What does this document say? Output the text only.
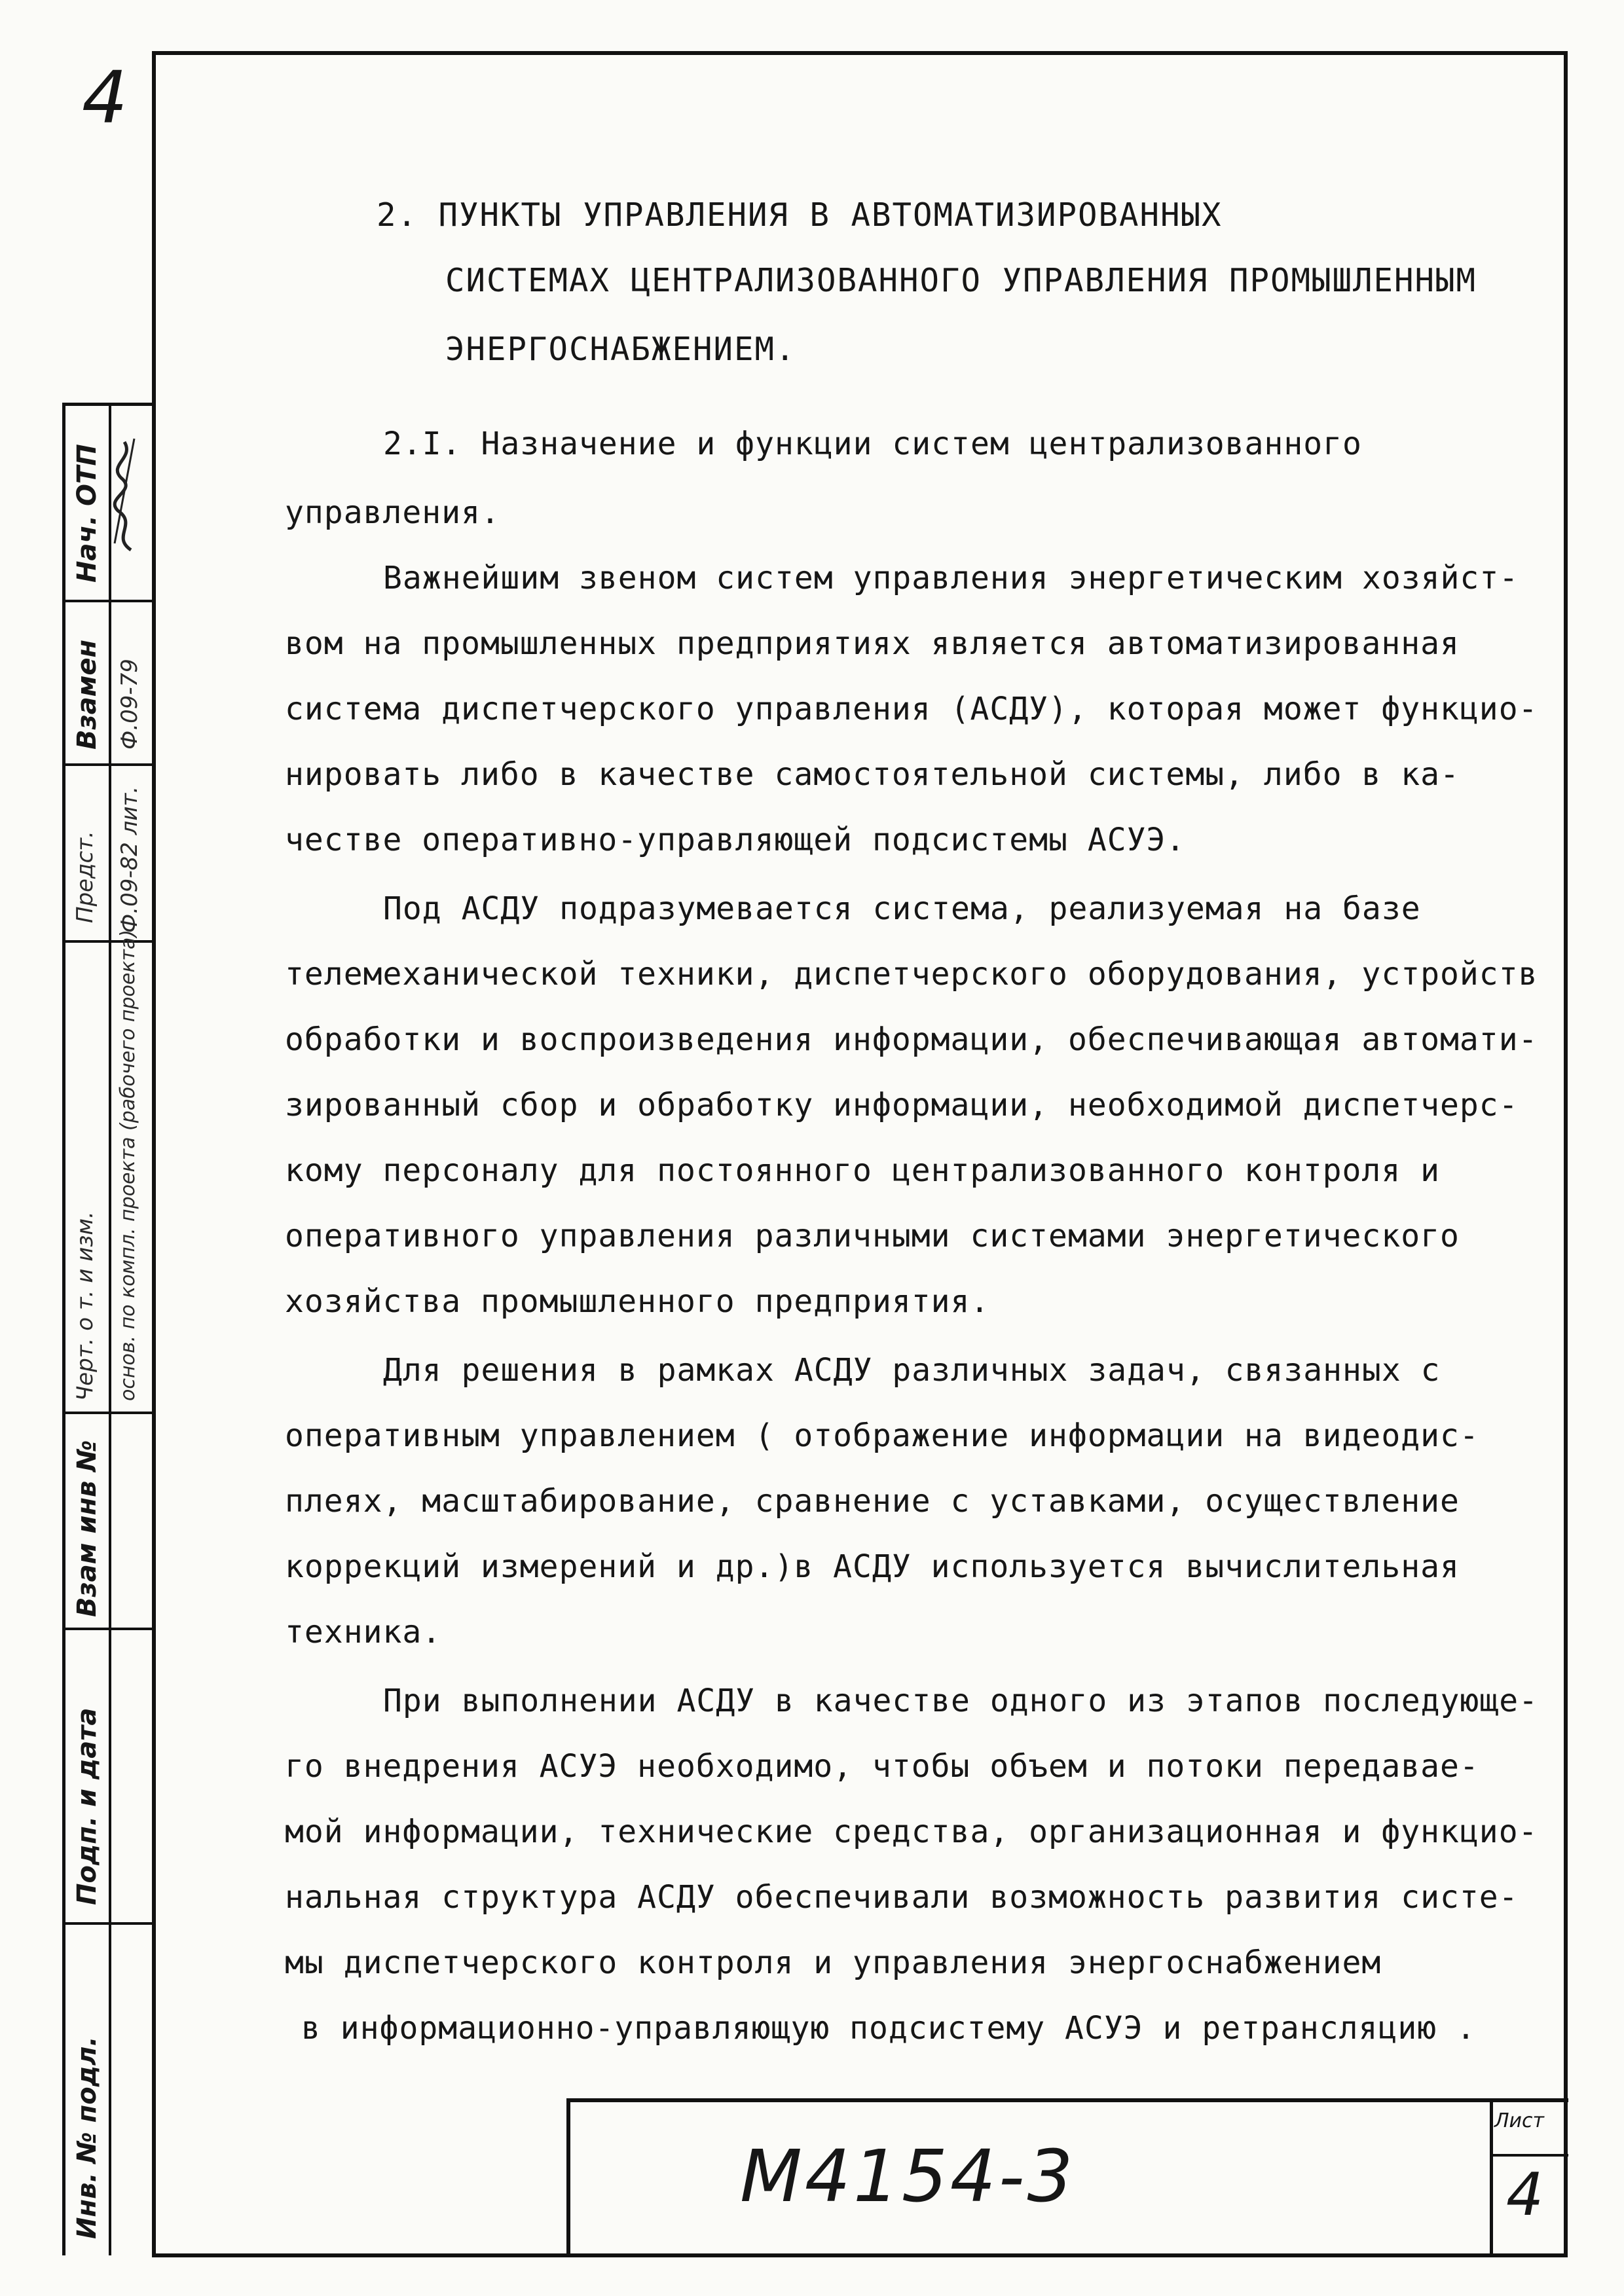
4
Нач. ОТП
Взамен Ф.09-79
Предст. Ф.09-82 лит.
Черт. о т. и изм. основ. по компл. проекта (рабочего проекта)
Взам инв №
Подп. и дата
Инв. № подл.
2. ПУНКТЫ УПРАВЛЕНИЯ В АВТОМАТИЗИРОВАННЫХ
СИСТЕМАХ ЦЕНТРАЛИЗОВАННОГО УПРАВЛЕНИЯ ПРОМЫШЛЕННЫМ
ЭНЕРГОСНАБЖЕНИЕМ.
2.I. Назначение и функции систем централизованного
управления.
Важнейшим звеном систем управления энергетическим хозяйст-
вом на промышленных предприятиях является автоматизированная
система диспетчерского управления (АСДУ), которая может функцио-
нировать либо в качестве самостоятельной системы, либо в ка-
честве оперативно-управляющей подсистемы АСУЭ.
Под АСДУ подразумевается система, реализуемая на базе
телемеханической техники, диспетчерского оборудования, устройств
обработки и воспроизведения информации, обеспечивающая автомати-
зированный сбор и обработку информации, необходимой диспетчерс-
кому персоналу для постоянного централизованного контроля и
оперативного управления различными системами энергетического
хозяйства промышленного предприятия.
Для решения в рамках АСДУ различных задач, связанных с
оперативным управлением ( отображение информации на видеодис-
плеях, масштабирование, сравнение с уставками, осуществление
коррекций измерений и др.)в АСДУ используется вычислительная
техника.
При выполнении АСДУ в качестве одного из этапов последующе-
го внедрения АСУЭ необходимо, чтобы объем и потоки передавае-
мой информации, технические средства, организационная и функцио-
нальная структура АСДУ обеспечивали возможность развития систе-
мы диспетчерского контроля и управления энергоснабжением
в информационно-управляющую подсистему АСУЭ и ретрансляцию .
М4154-3
Лист
4
